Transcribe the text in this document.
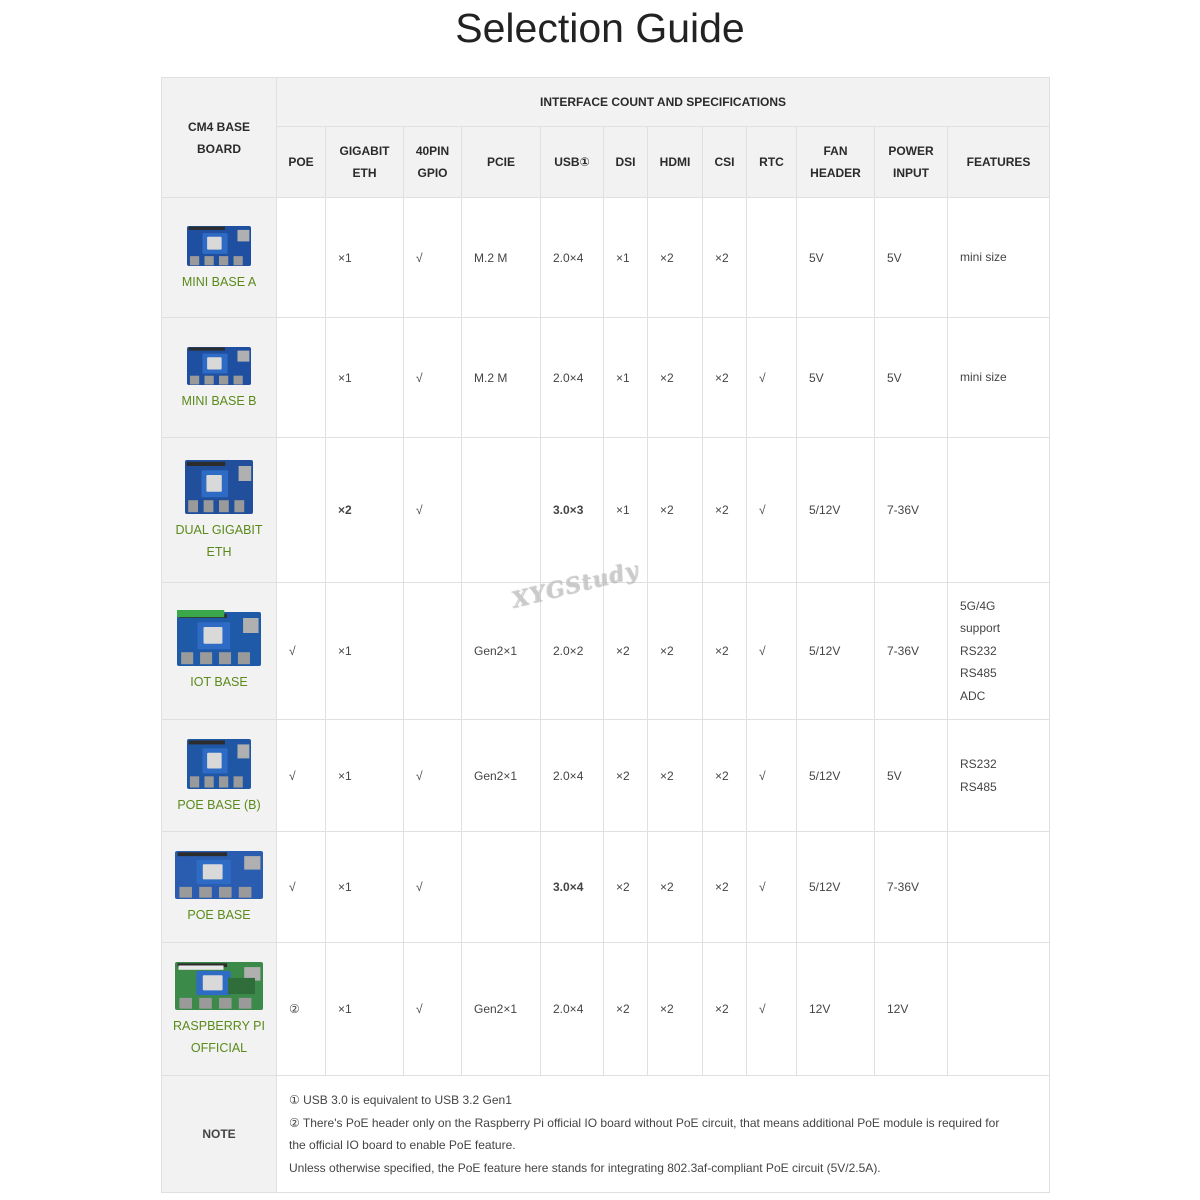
Selection Guide
CM4 BASE BOARD	INTERFACE COUNT AND SPECIFICATIONS											
	POE	GIGABIT ETH	40PIN GPIO	PCIE	USB①	DSI	HDMI	CSI	RTC	FAN HEADER	POWER INPUT	FEATURES

MINI BASE A		×1	√	M.2 M	2.0×4	×1	×2	×2		5V	5V	mini size

MINI BASE B		×1	√	M.2 M	2.0×4	×1	×2	×2	√	5V	5V	mini size

DUAL GIGABIT ETH		×2	√		3.0×3	×1	×2	×2	√	5/12V	7-36V	

IOT BASE	√	×1		Gen2×1	2.0×2	×2	×2	×2	√	5/12V	7-36V	5G/4G
support
RS232
RS485
ADC

POE BASE (B)	√	×1	√	Gen2×1	2.0×4	×2	×2	×2	√	5/12V	5V	RS232
RS485

POE BASE	√	×1	√		3.0×4	×2	×2	×2	√	5/12V	7-36V	

RASPBERRY PI OFFICIAL	②	×1	√	Gen2×1	2.0×4	×2	×2	×2	√	12V	12V	
NOTE	① USB 3.0 is equivalent to USB 3.2 Gen1
② There's PoE header only on the Raspberry Pi official IO board without PoE circuit, that means additional PoE module is required for
the official IO board to enable PoE feature.
Unless otherwise specified, the PoE feature here stands for integrating 802.3af-compliant PoE circuit (5V/2.5A).											
XYGStudy
